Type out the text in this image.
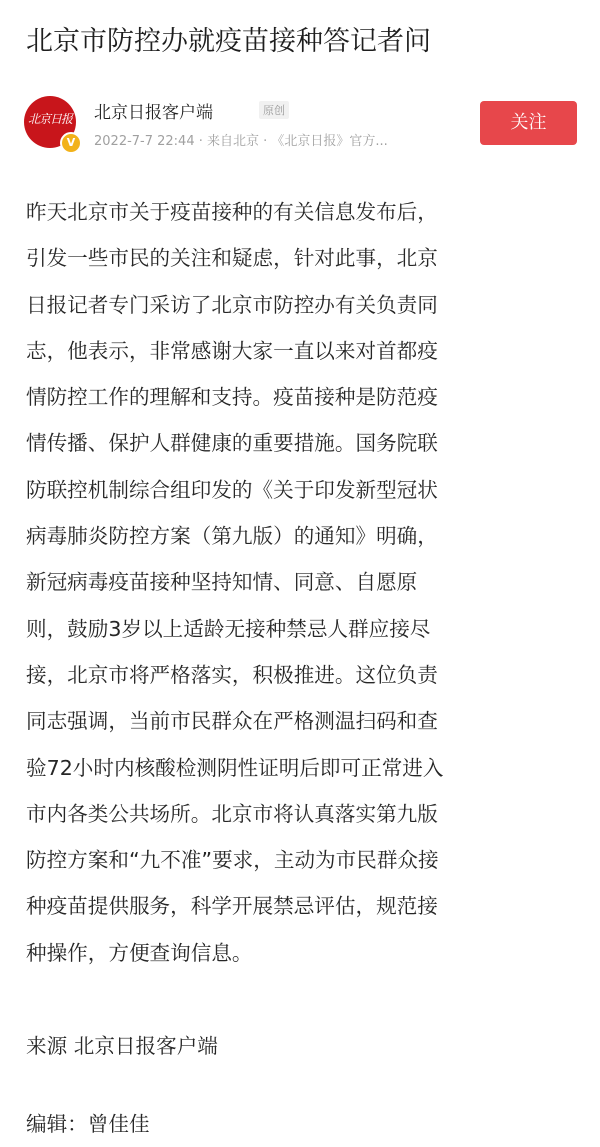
北京市防控办就疫苗接种答记者问
北京日报
V
北京日报客户端	原创
2022-7-7 22:44 · 来自北京 · 《北京日报》官方...
关注
昨天北京市关于疫苗接种的有关信息发布后，
引发一些市民的关注和疑虑，针对此事，北京
日报记者专门采访了北京市防控办有关负责同
志，他表示，非常感谢大家一直以来对首都疫
情防控工作的理解和支持。疫苗接种是防范疫
情传播、保护人群健康的重要措施。国务院联
防联控机制综合组印发的《关于印发新型冠状
病毒肺炎防控方案（第九版）的通知》明确，
新冠病毒疫苗接种坚持知情、同意、自愿原
则，鼓励3岁以上适龄无接种禁忌人群应接尽
接，北京市将严格落实，积极推进。这位负责
同志强调，当前市民群众在严格测温扫码和查
验72小时内核酸检测阴性证明后即可正常进入
市内各类公共场所。北京市将认真落实第九版
防控方案和“九不准”要求，主动为市民群众接
种疫苗提供服务，科学开展禁忌评估，规范接
种操作，方便查询信息。
来源 北京日报客户端
编辑：曾佳佳
